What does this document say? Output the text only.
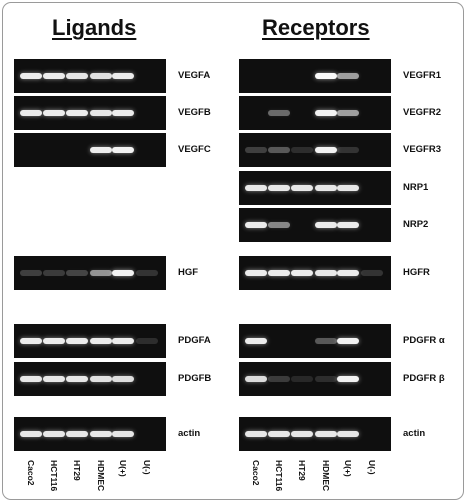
Ligands	Receptors
VEGFA
VEGFB
VEGFC
HGF
PDGFA
PDGFB
actin
VEGFR1
VEGFR2
VEGFR3
NRP1
NRP2
HGFR
PDGFR α
PDGFR β
actin
Caco2 HCT116 HT29 HDMEC U(+) U(-)	Caco2 HCT116 HT29 HDMEC U(+) U(-)
